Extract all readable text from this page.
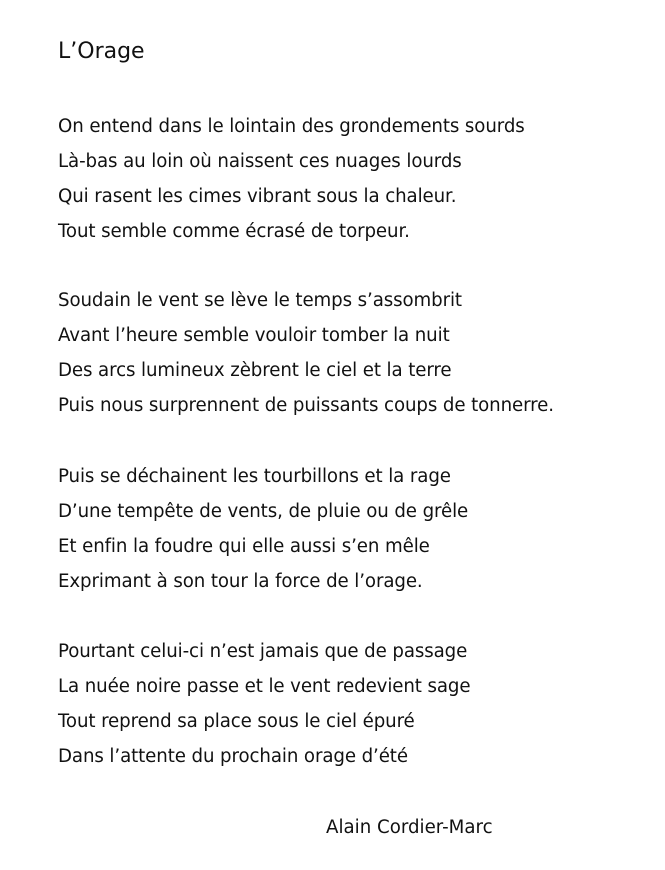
L’Orage
On entend dans le lointain des grondements sourds
Là-bas au loin où naissent ces nuages lourds
Qui rasent les cimes vibrant sous la chaleur.
Tout semble comme écrasé de torpeur.
Soudain le vent se lève le temps s’assombrit
Avant l’heure semble vouloir tomber la nuit
Des arcs lumineux zèbrent le ciel et la terre
Puis nous surprennent de puissants coups de tonnerre.
Puis se déchainent les tourbillons et la rage
D’une tempête de vents, de pluie ou de grêle
Et enfin la foudre qui elle aussi s’en mêle
Exprimant à son tour la force de l’orage.
Pourtant celui-ci n’est jamais que de passage
La nuée noire passe et le vent redevient sage
Tout reprend sa place sous le ciel épuré
Dans l’attente du prochain orage d’été
Alain Cordier-Marc
